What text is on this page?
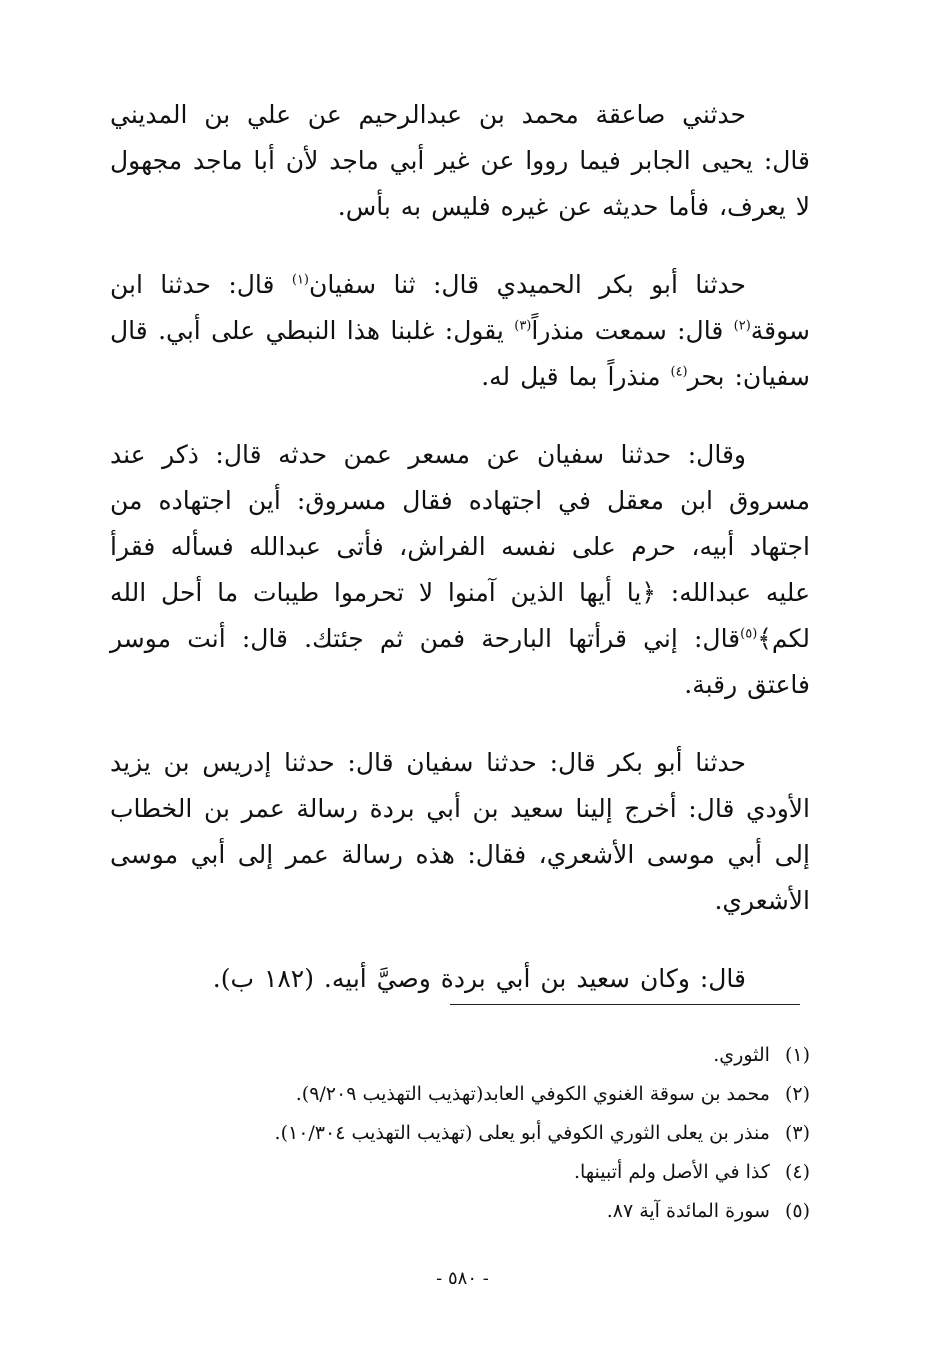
حدثني صاعقة محمد بن عبدالرحيم عن علي بن المديني قال: يحيى الجابر فيما رووا عن غير أبي ماجد لأن أبا ماجد مجهول لا يعرف، فأما حديثه عن غيره فليس به بأس.

حدثنا أبو بكر الحميدي قال: ثنا سفيان$^{(١)}$ قال: حدثنا ابن سوقة$^{(٢)}$ قال: سمعت منذراً$^{(٣)}$ يقول: غلبنا هذا النبطي على أبي. قال سفيان: بحر$^{(٤)}$ منذراً بما قيل له.

وقال: حدثنا سفيان عن مسعر عمن حدثه قال: ذكر عند مسروق ابن معقل في اجتهاده فقال مسروق: أين اجتهاده من اجتهاد أبيه، حرم على نفسه الفراش، فأتى عبدالله فسأله فقرأ عليه عبدالله: ﴿يا أيها الذين آمنوا لا تحرموا طيبات ما أحل الله لكم﴾$^{(٥)}$قال: إني قرأتها البارحة فمن ثم جئتك. قال: أنت موسر فاعتق رقبة.

حدثنا أبو بكر قال: حدثنا سفيان قال: حدثنا إدريس بن يزيد الأودي قال: أخرج إلينا سعيد بن أبي بردة رسالة عمر بن الخطاب إلى أبي موسى الأشعري، فقال: هذه رسالة عمر إلى أبي موسى الأشعري.

قال: وكان سعيد بن أبي بردة وصيَّ أبيه. (١٨٢ ب).

(١) الثوري.

(٢) محمد بن سوقة الغنوي الكوفي العابد(تهذيب التهذيب ٩/٢٠٩).

(٣) منذر بن يعلى الثوري الكوفي أبو يعلى (تهذيب التهذيب ١٠/٣٠٤).

(٤) كذا في الأصل ولم أتبينها.

(٥) سورة المائدة آية ٨٧.

- ٥٨٠ -
